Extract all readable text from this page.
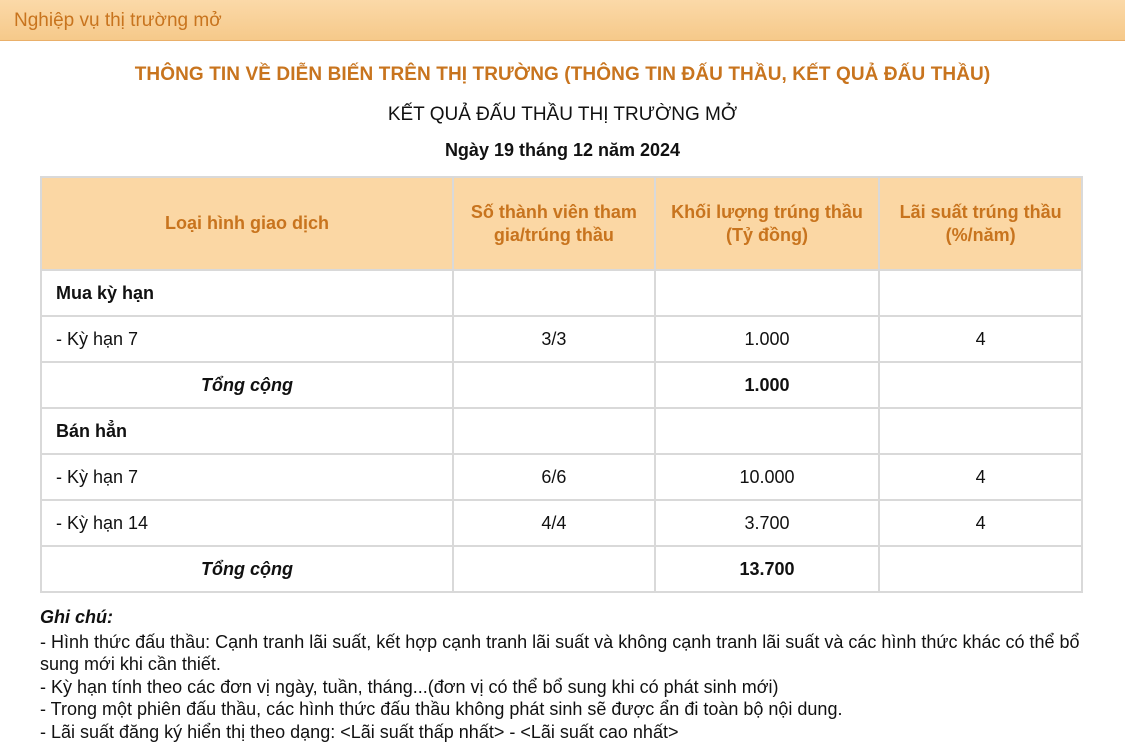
Nghiệp vụ thị trường mở
THÔNG TIN VỀ DIỄN BIẾN TRÊN THỊ TRƯỜNG (THÔNG TIN ĐẤU THẦU, KẾT QUẢ ĐẤU THẦU)
KẾT QUẢ ĐẤU THẦU THỊ TRƯỜNG MỞ
Ngày 19 tháng 12 năm 2024
Loại hình giao dịch	Số thành viên tham gia/trúng thầu	Khối lượng trúng thầu (Tỷ đồng)	Lãi suất trúng thầu (%/năm)
Mua kỳ hạn			
- Kỳ hạn 7	3/3	1.000	4
Tổng cộng		1.000	
Bán hẳn			
- Kỳ hạn 7	6/6	10.000	4
- Kỳ hạn 14	4/4	3.700	4
Tổng cộng		13.700	
Ghi chú:
- Hình thức đấu thầu: Cạnh tranh lãi suất, kết hợp cạnh tranh lãi suất và không cạnh tranh lãi suất và các hình thức khác có thể bổ sung mới khi cần thiết.
- Kỳ hạn tính theo các đơn vị ngày, tuần, tháng...(đơn vị có thể bổ sung khi có phát sinh mới)
- Trong một phiên đấu thầu, các hình thức đấu thầu không phát sinh sẽ được ẩn đi toàn bộ nội dung.
- Lãi suất đăng ký hiển thị theo dạng: <Lãi suất thấp nhất> - <Lãi suất cao nhất>
